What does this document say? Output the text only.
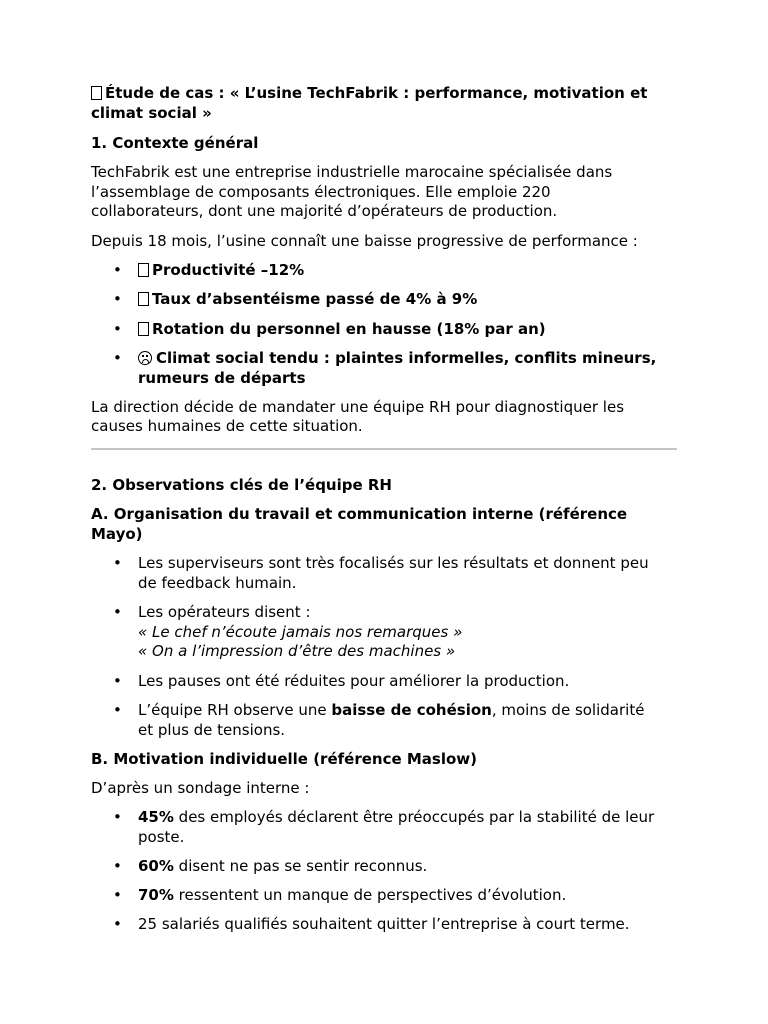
Étude de cas : « L’usine TechFabrik : performance, motivation et

climat social »

1. Contexte général

TechFabrik est une entreprise industrielle marocaine spécialisée dans

l’assemblage de composants électroniques. Elle emploie 220

collaborateurs, dont une majorité d’opérateurs de production.

Depuis 18 mois, l’usine connaît une baisse progressive de performance :

•	Productivité –12%

•	Taux d’absentéisme passé de 4% à 9%

•	Rotation du personnel en hausse (18% par an)

•	Climat social tendu : plaintes informelles, conflits mineurs,

rumeurs de départs

La direction décide de mandater une équipe RH pour diagnostiquer les

causes humaines de cette situation.

2. Observations clés de l’équipe RH

A. Organisation du travail et communication interne (référence

Mayo)

• Les superviseurs sont très focalisés sur les résultats et donnent peu

de feedback humain.

• Les opérateurs disent :

« Le chef n’écoute jamais nos remarques »

« On a l’impression d’être des machines »

• Les pauses ont été réduites pour améliorer la production.

• L’équipe RH observe une baisse de cohésion, moins de solidarité

et plus de tensions.

B. Motivation individuelle (référence Maslow)

D’après un sondage interne :

• 45% des employés déclarent être préoccupés par la stabilité de leur

poste.

• 60% disent ne pas se sentir reconnus.

• 70% ressentent un manque de perspectives d’évolution.

• 25 salariés qualifiés souhaitent quitter l’entreprise à court terme.
